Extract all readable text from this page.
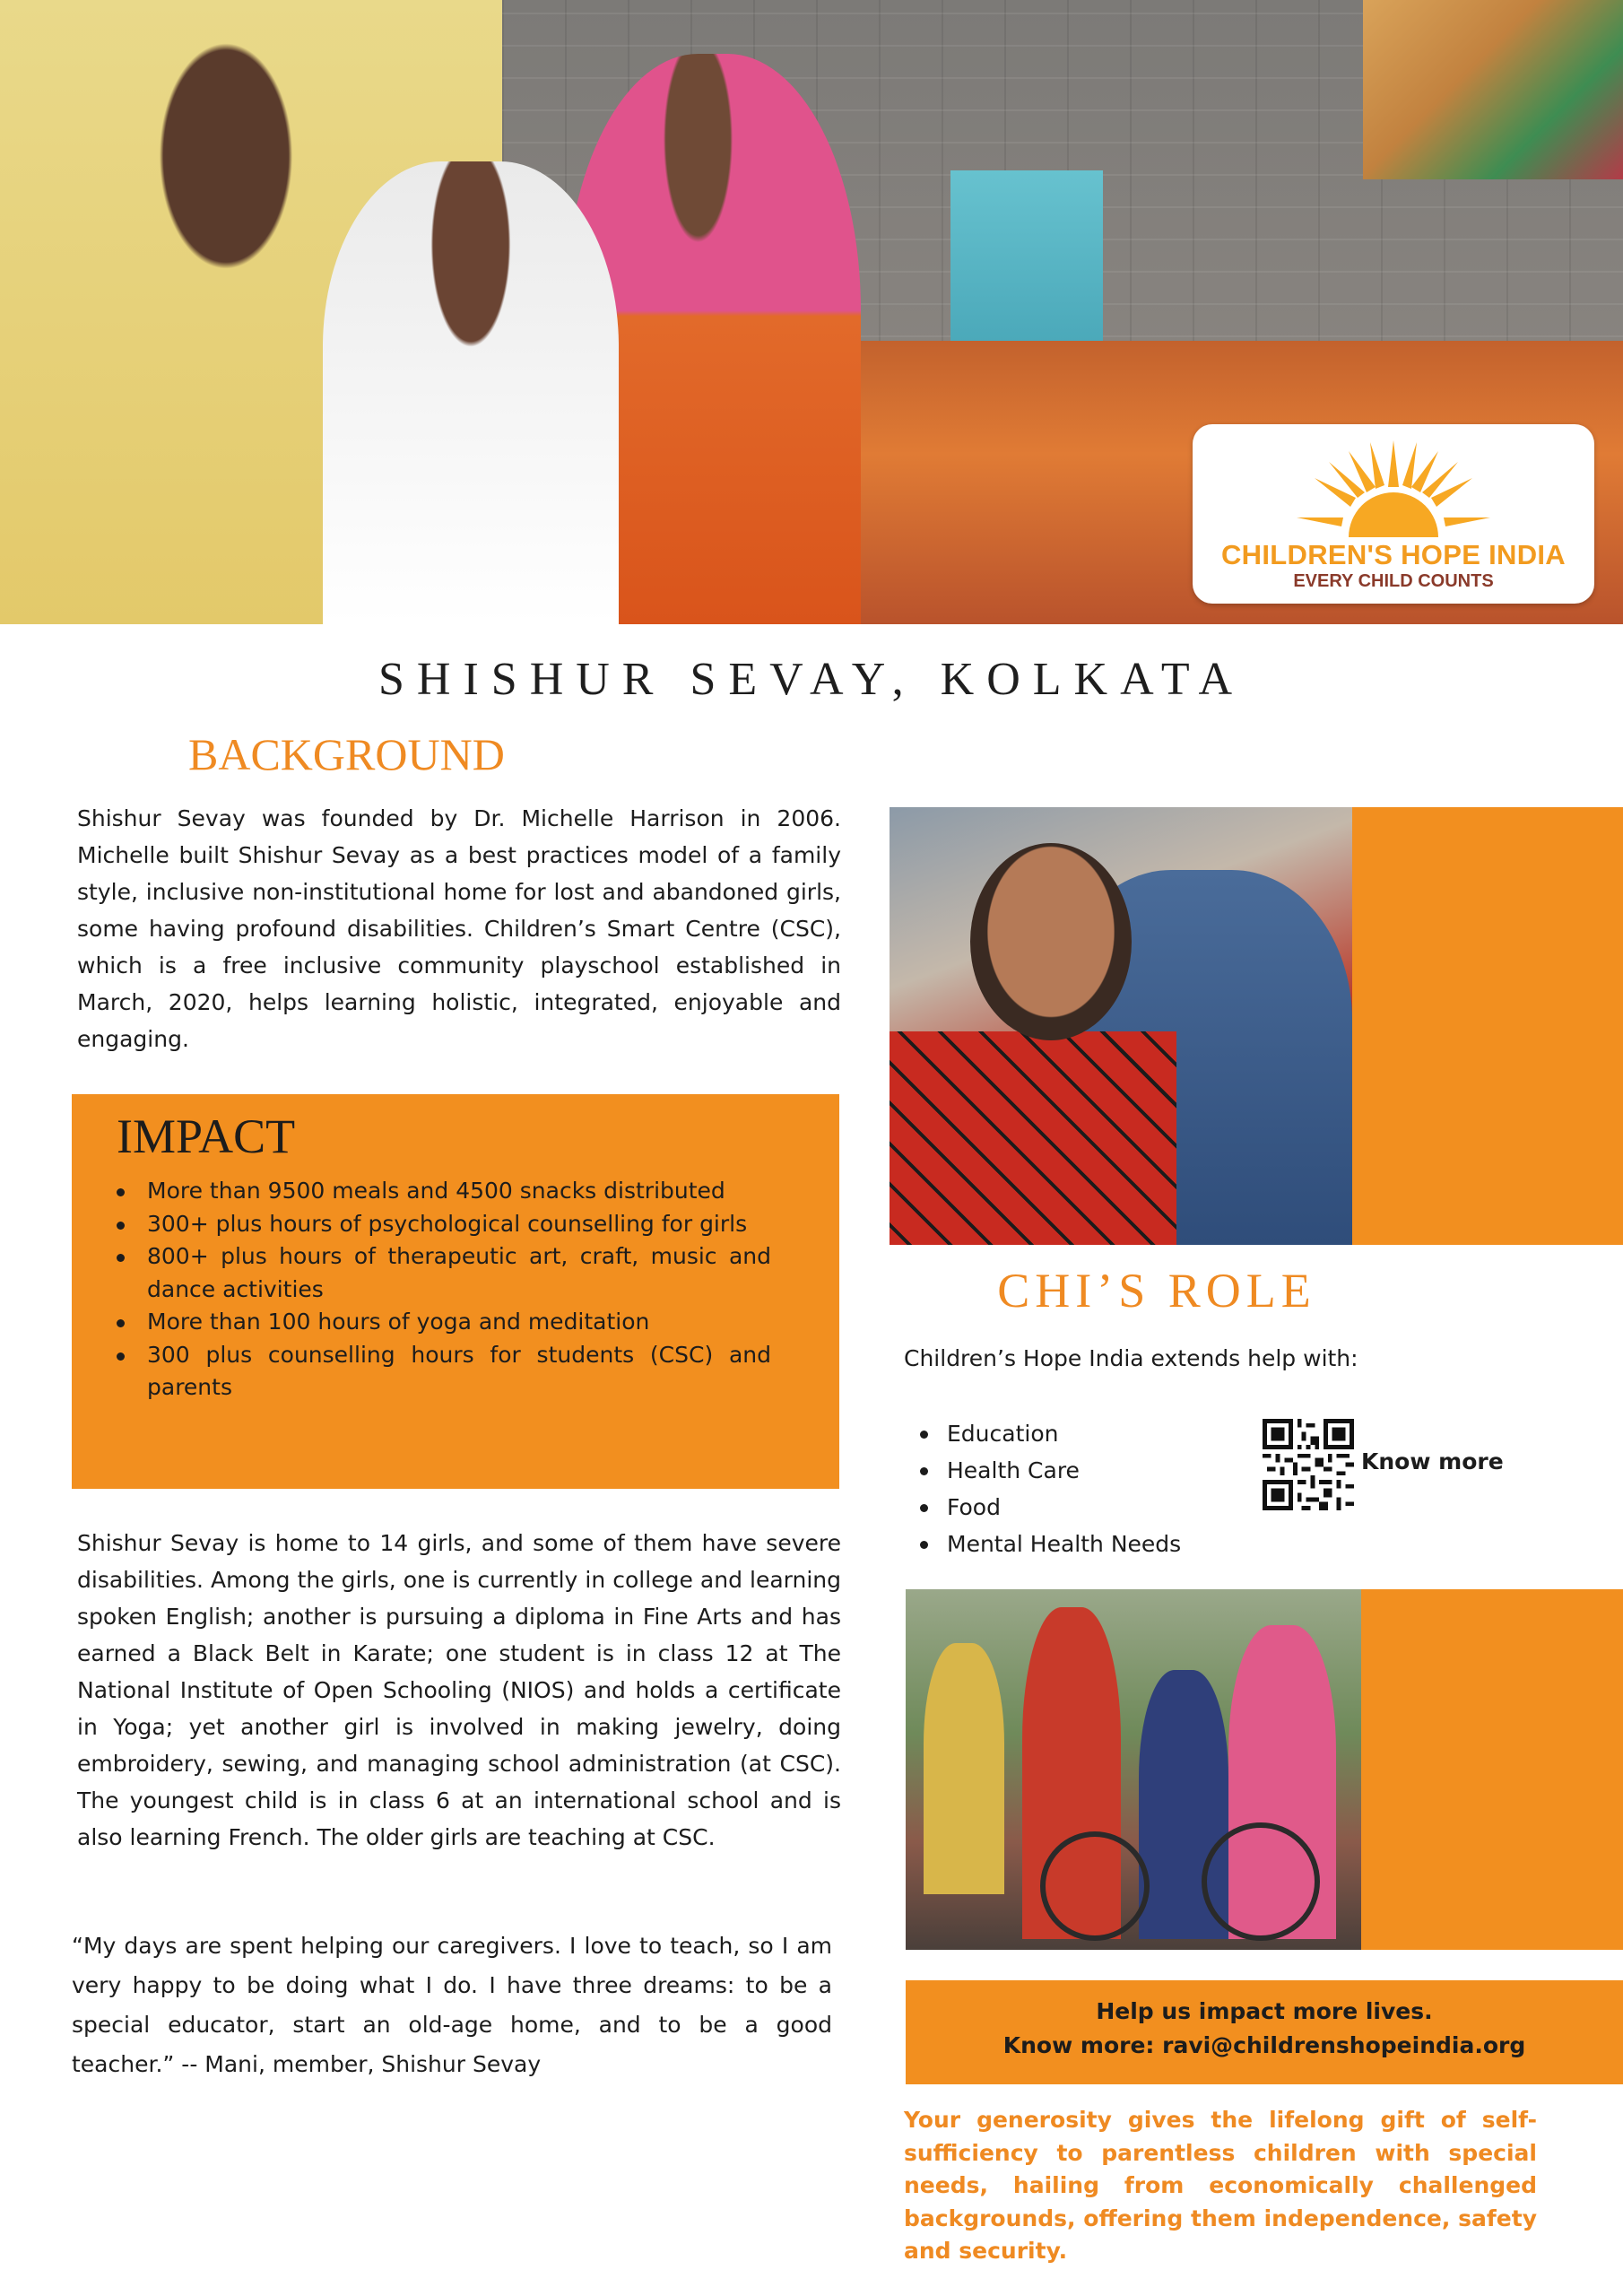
CHILDREN'S HOPE INDIA
EVERY CHILD COUNTS
SHISHUR SEVAY, KOLKATA
BACKGROUND
Shishur Sevay was founded by Dr. Michelle Harrison in 2006. Michelle built Shishur Sevay as a best practices model of a family style, inclusive non-institutional home for lost and abandoned girls, some having profound disabilities. Children’s Smart Centre (CSC), which is a free inclusive community playschool established in March, 2020, helps learning holistic, integrated, enjoyable and engaging.
IMPACT
More than 9500 meals and 4500 snacks distributed
300+ plus hours of psychological counselling for girls
800+ plus hours of therapeutic art, craft, music and dance activities
More than 100 hours of yoga and meditation
300 plus counselling hours for students (CSC) and parents
Shishur Sevay is home to 14 girls, and some of them have severe disabilities. Among the girls, one is currently in college and learning spoken English; another is pursuing a diploma in Fine Arts and has earned a Black Belt in Karate; one student is in class 12 at The National Institute of Open Schooling (NIOS) and holds a certificate in Yoga; yet another girl is involved in making jewelry, doing embroidery, sewing, and managing school administration (at CSC). The youngest child is in class 6 at an international school and is also learning French. The older girls are teaching at CSC.
“My days are spent helping our caregivers. I love to teach, so I am very happy to be doing what I do. I have three dreams: to be a special educator, start an old-age home, and to be a good teacher.” -- Mani, member, Shishur Sevay
CHI’S ROLE
Children’s Hope India extends help with:
Education
Health Care
Food
Mental Health Needs
Know more
Help us impact more lives.
Know more: ravi@childrenshopeindia.org
Your generosity gives the lifelong gift of self-sufficiency to parentless children with special needs, hailing from economically challenged backgrounds, offering them independence, safety and security.
